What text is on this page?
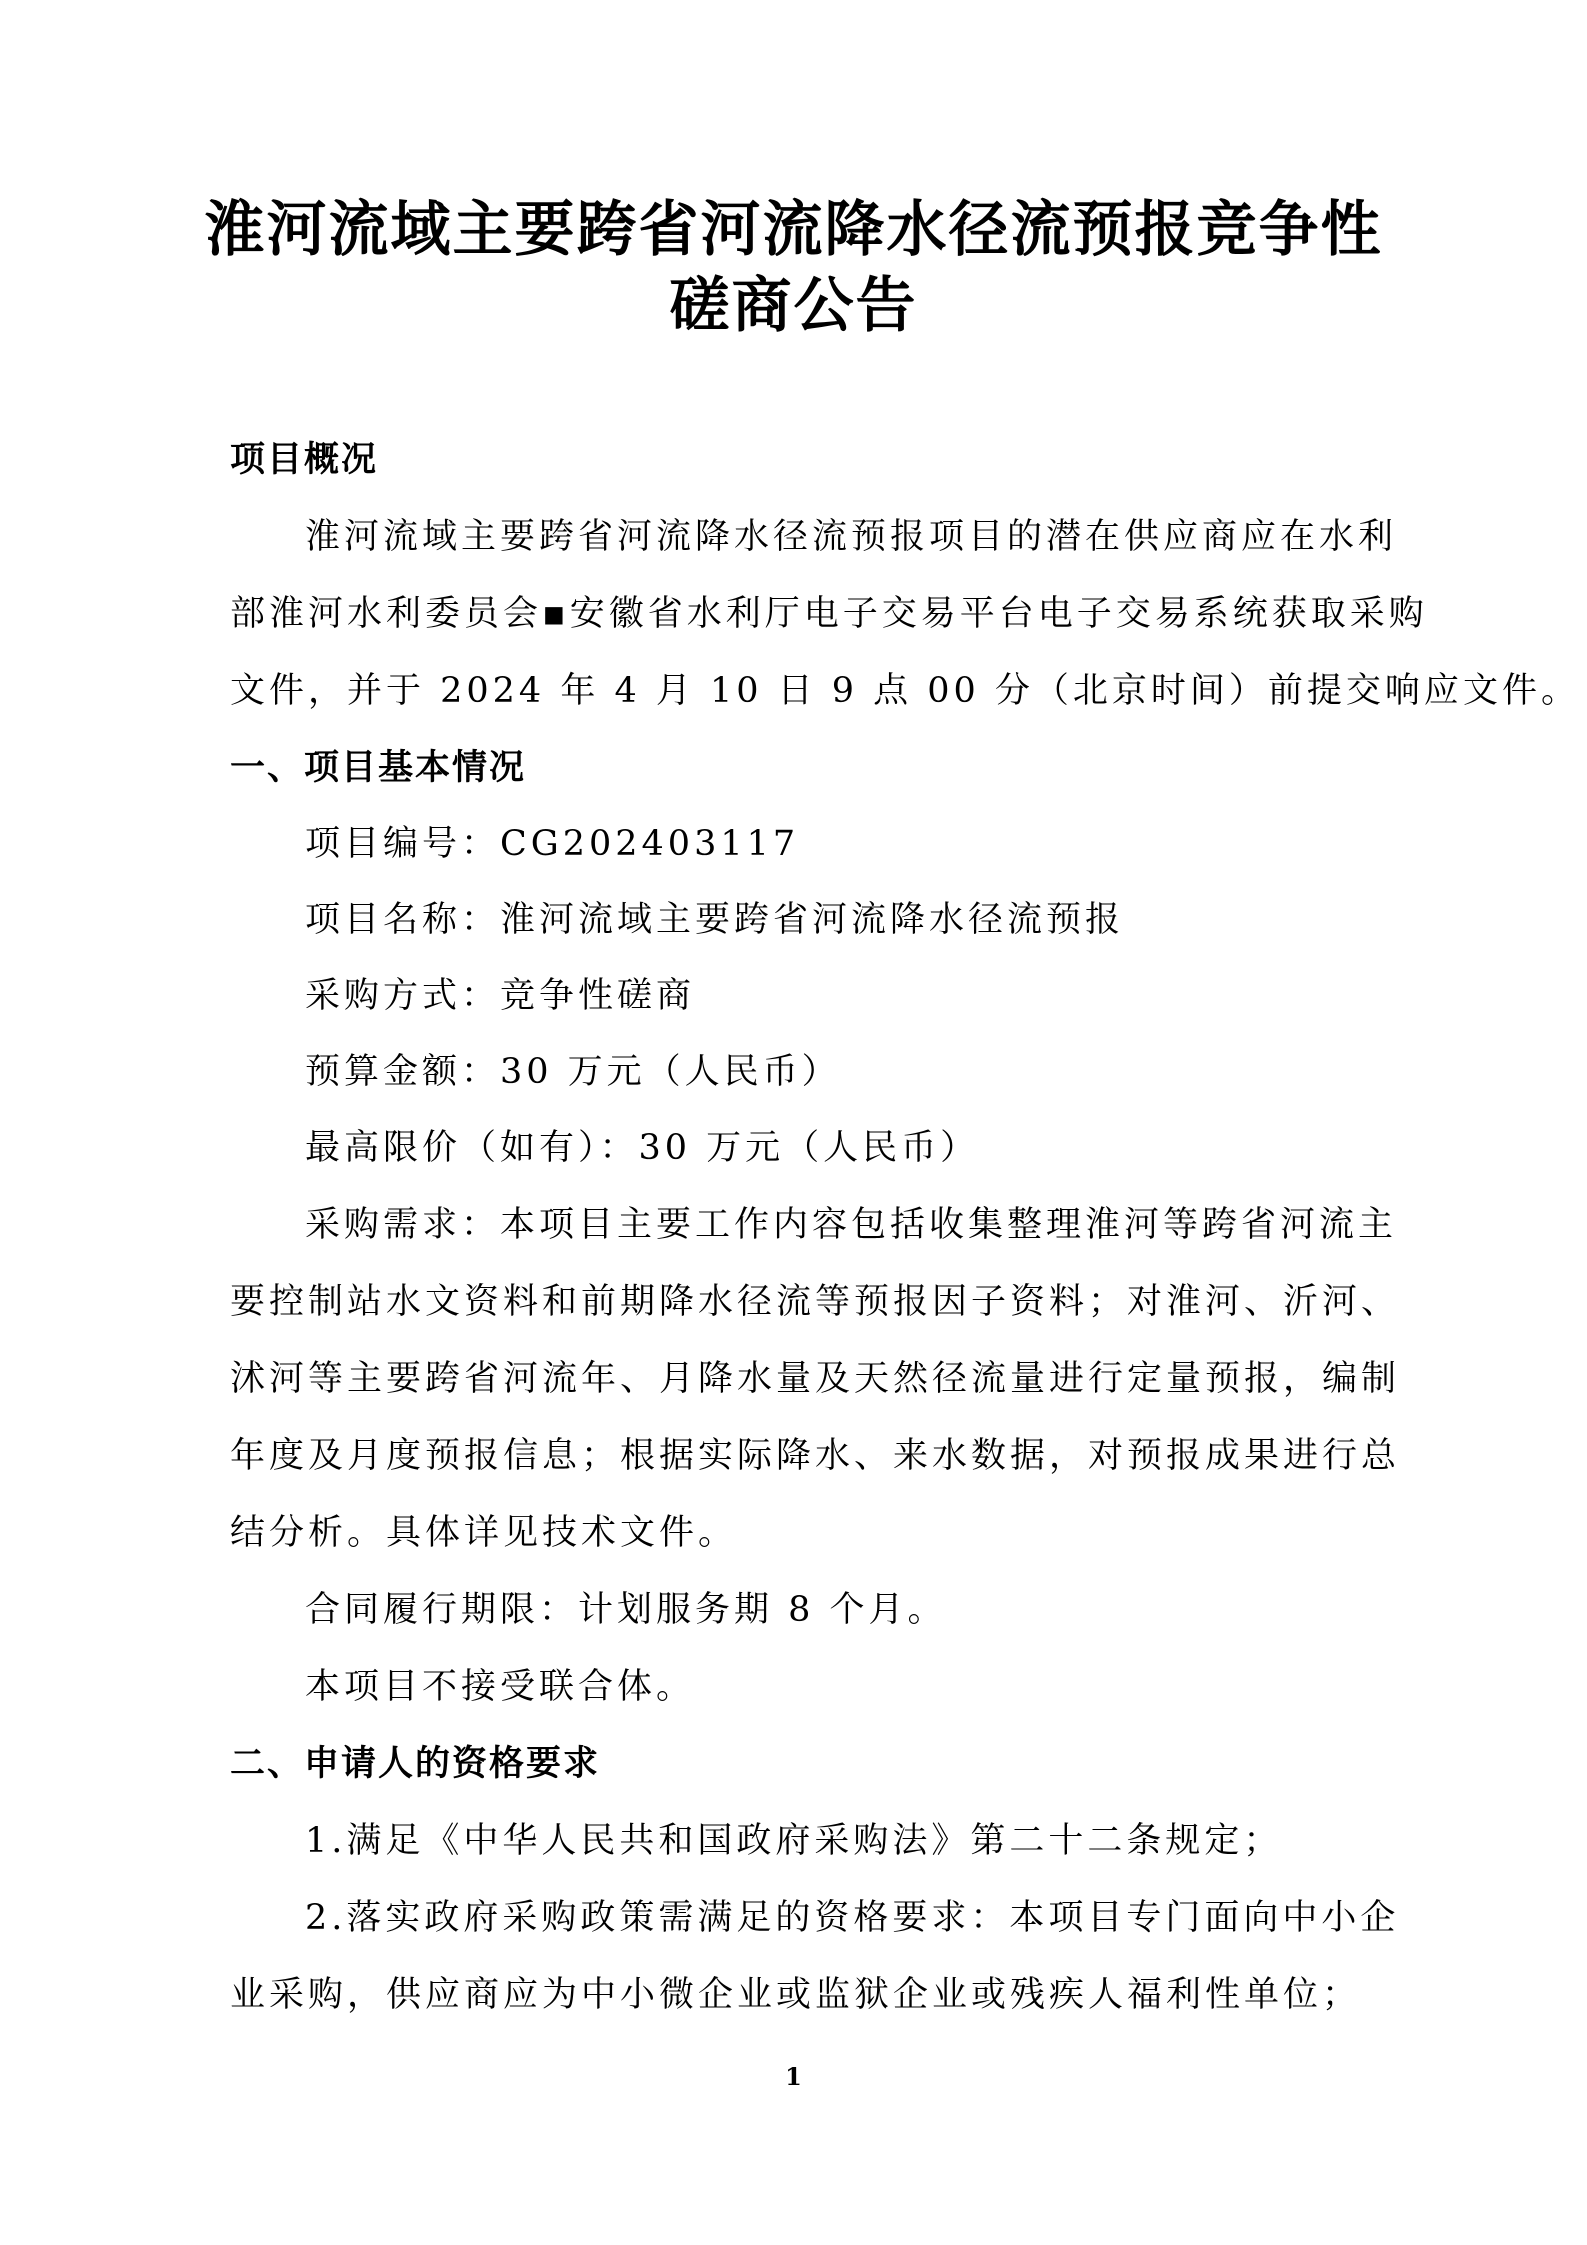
淮河流域主要跨省河流降水径流预报竞争性
磋商公告
项目概况
淮河流域主要跨省河流降水径流预报项目的潜在供应商应在水利
部淮河水利委员会▪安徽省水利厅电子交易平台电子交易系统获取采购
文件，并于 2024 年 4 月 10 日 9 点 00 分（北京时间）前提交响应文件。
一、项目基本情况
项目编号：CG202403117
项目名称：淮河流域主要跨省河流降水径流预报
采购方式：竞争性磋商
预算金额：30 万元（人民币）
最高限价（如有）：30 万元（人民币）
采购需求：本项目主要工作内容包括收集整理淮河等跨省河流主
要控制站水文资料和前期降水径流等预报因子资料；对淮河、沂河、
沭河等主要跨省河流年、月降水量及天然径流量进行定量预报，编制
年度及月度预报信息；根据实际降水、来水数据，对预报成果进行总
结分析。具体详见技术文件。
合同履行期限：计划服务期 8 个月。
本项目不接受联合体。
二、申请人的资格要求
1.满足《中华人民共和国政府采购法》第二十二条规定；
2.落实政府采购政策需满足的资格要求：本项目专门面向中小企
业采购，供应商应为中小微企业或监狱企业或残疾人福利性单位；
1
